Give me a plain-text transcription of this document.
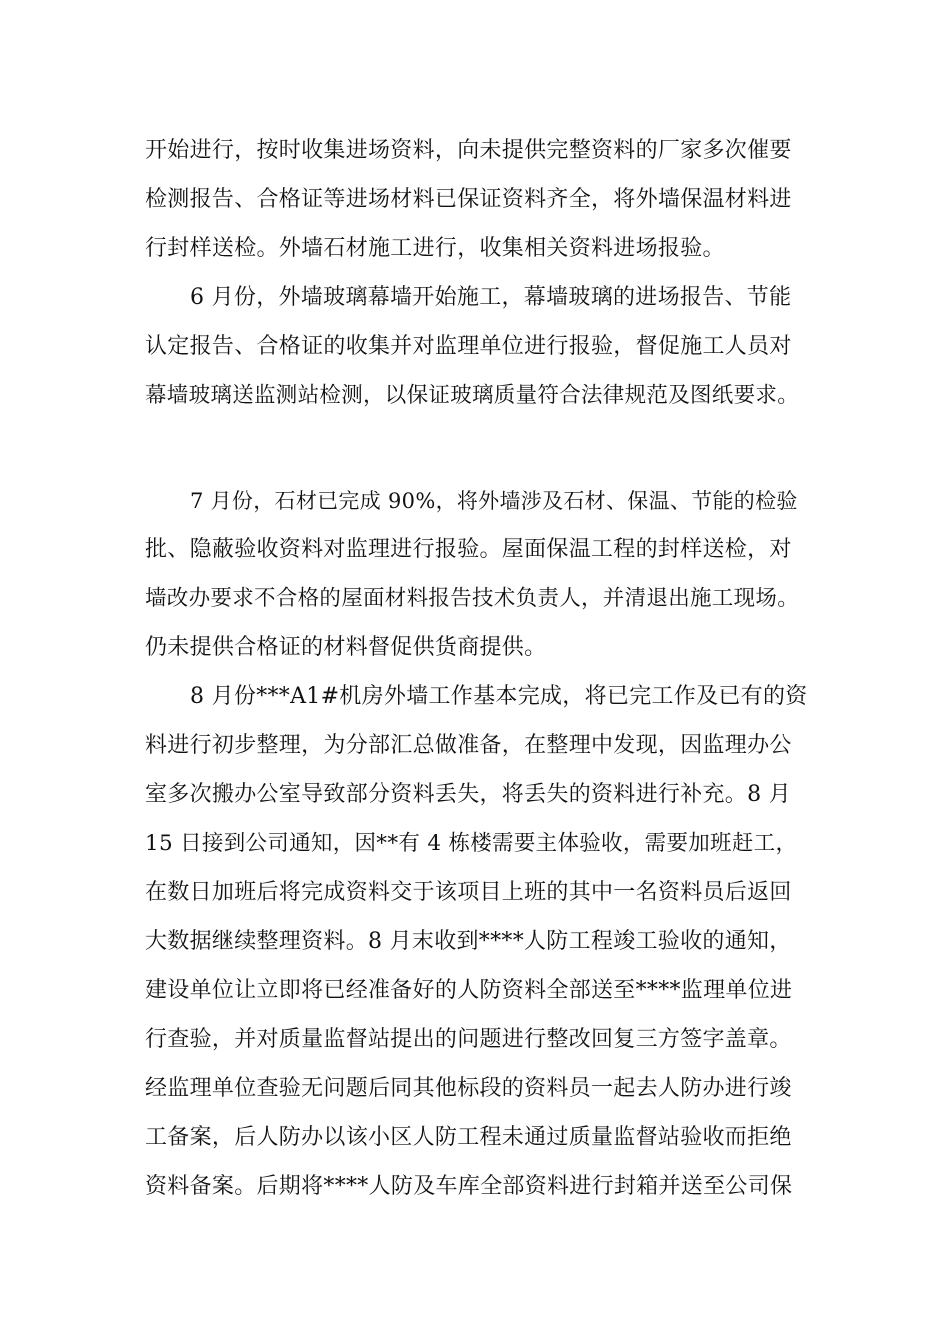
开始进行，按时收集进场资料，向未提供完整资料的厂家多次催要
检测报告、合格证等进场材料已保证资料齐全，将外墙保温材料进
行封样送检。外墙石材施工进行，收集相关资料进场报验。
6 月份，外墙玻璃幕墙开始施工，幕墙玻璃的进场报告、节能
认定报告、合格证的收集并对监理单位进行报验，督促施工人员对
幕墙玻璃送监测站检测，以保证玻璃质量符合法律规范及图纸要求。
7 月份，石材已完成 90%，将外墙涉及石材、保温、节能的检验
批、隐蔽验收资料对监理进行报验。屋面保温工程的封样送检，对
墙改办要求不合格的屋面材料报告技术负责人，并清退出施工现场。
仍未提供合格证的材料督促供货商提供。
8 月份***A1#机房外墙工作基本完成，将已完工作及已有的资
料进行初步整理，为分部汇总做准备，在整理中发现，因监理办公
室多次搬办公室导致部分资料丢失，将丢失的资料进行补充。8 月
15 日接到公司通知，因**有 4 栋楼需要主体验收，需要加班赶工，
在数日加班后将完成资料交于该项目上班的其中一名资料员后返回
大数据继续整理资料。8 月末收到****人防工程竣工验收的通知，
建设单位让立即将已经准备好的人防资料全部送至****监理单位进
行查验，并对质量监督站提出的问题进行整改回复三方签字盖章。
经监理单位查验无问题后同其他标段的资料员一起去人防办进行竣
工备案，后人防办以该小区人防工程未通过质量监督站验收而拒绝
资料备案。后期将****人防及车库全部资料进行封箱并送至公司保
